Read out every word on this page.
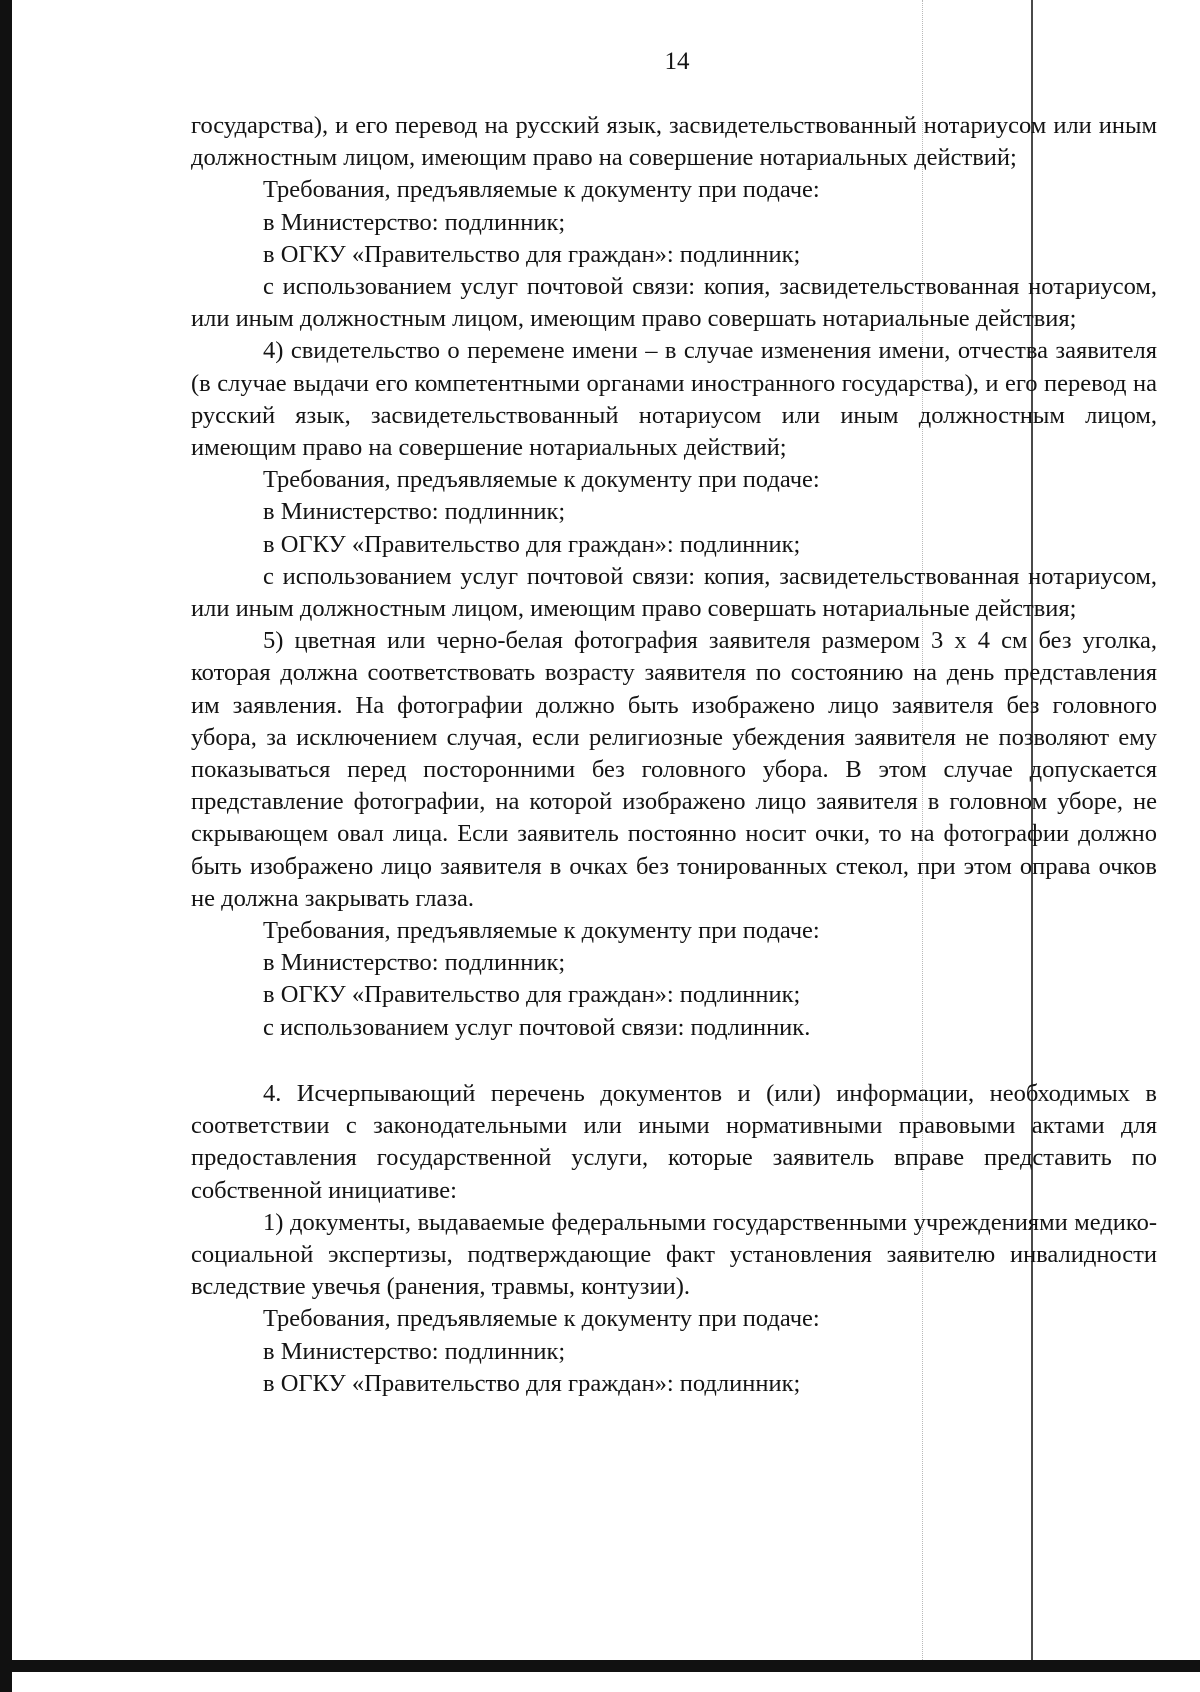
14

государства), и его перевод на русский язык, засвидетельствованный нотариусом или иным должностным лицом, имеющим право на совершение нотариальных действий;

Требования, предъявляемые к документу при подаче:

в Министерство: подлинник;

в ОГКУ «Правительство для граждан»: подлинник;

с использованием услуг почтовой связи: копия, засвидетельствованная нотариусом, или иным должностным лицом, имеющим право совершать нотариальные действия;

4) свидетельство о перемене имени – в случае изменения имени, отчества заявителя (в случае выдачи его компетентными органами иностранного государства), и его перевод на русский язык, засвидетельствованный нотариусом или иным должностным лицом, имеющим право на совершение нотариальных действий;

Требования, предъявляемые к документу при подаче:

в Министерство: подлинник;

в ОГКУ «Правительство для граждан»: подлинник;

с использованием услуг почтовой связи: копия, засвидетельствованная нотариусом, или иным должностным лицом, имеющим право совершать нотариальные действия;

5) цветная или черно-белая фотография заявителя размером 3 x 4 см без уголка, которая должна соответствовать возрасту заявителя по состоянию на день представления им заявления. На фотографии должно быть изображено лицо заявителя без головного убора, за исключением случая, если религиозные убеждения заявителя не позволяют ему показываться перед посторонними без головного убора. В этом случае допускается представление фотографии, на которой изображено лицо заявителя в головном уборе, не скрывающем овал лица. Если заявитель постоянно носит очки, то на фотографии должно быть изображено лицо заявителя в очках без тонированных стекол, при этом оправа очков не должна закрывать глаза.

Требования, предъявляемые к документу при подаче:

в Министерство: подлинник;

в ОГКУ «Правительство для граждан»: подлинник;

с использованием услуг почтовой связи: подлинник.

4. Исчерпывающий перечень документов и (или) информации, необходимых в соответствии с законодательными или иными нормативными правовыми актами для предоставления государственной услуги, которые заявитель вправе представить по собственной инициативе:

1) документы, выдаваемые федеральными государственными учреждениями медико-социальной экспертизы, подтверждающие факт установления заявителю инвалидности вследствие увечья (ранения, травмы, контузии).

Требования, предъявляемые к документу при подаче:

в Министерство: подлинник;

в ОГКУ «Правительство для граждан»: подлинник;
